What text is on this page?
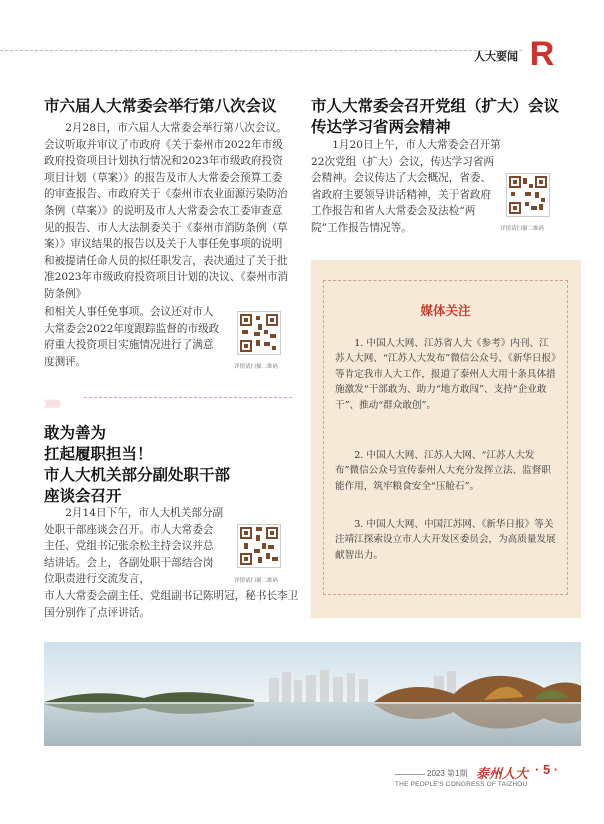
人大要闻 R
市六届人大常委会举行第八次会议

2月28日，市六届人大常委会举行第八次会议。会议听取并审议了市政府《关于泰州市2022年市级政府投资项目计划执行情况和2023年市级政府投资项目计划（草案）》的报告及市人大常委会预算工委的审查报告、市政府关于《泰州市农业面源污染防治条例（草案）》的说明及市人大常委会农工委审查意见的报告、市人大法制委关于《泰州市消防条例（草案）》审议结果的报告以及关于人事任免事项的说明和被提请任命人员的拟任职发言，表决通过了关于批准2023年市级政府投资项目计划的决议、《泰州市消防条例》

和相关人事任免事项。会议还对市人大常委会2022年度跟踪监督的市级政府重大投资项目实施情况进行了满意度测评。	详情请扫描二维码
》》》》》》

敢为善为

扛起履职担当！

市人大机关部分副处职干部

座谈会召开

2月14日下午，市人大机关部分副处职干部座谈会召开。市人大常委会主任、党组书记张余松主持会议并总结讲话。会上，各副处职干部结合岗位职责进行交流发言，

市人大常委会副主任、党组副书记陈明冠，秘书长李卫国分别作了点评讲话。

详情请扫描二维码

市人大常委会召开党组（扩大）会议

传达学习省两会精神

1月20日上午，市人大常委会召开第22次党组（扩大）会议，传达学习省两会精神。会议传达了大会概况，省委、省政府主要领导讲话精神，关于省政府工作报告和省人大常委会及法检“两院”工作报告情况等。	详情请扫描二维码
媒体关注

1. 中国人大网、江苏省人大《参考》内刊、江苏人大网、“江苏人大发布”微信公众号、《新华日报》等肯定我市人大工作，报道了泰州人大用十条具体措施激发“干部敢为、助力“地方敢闯”、支持“企业敢干”、推动“群众敢创”。

2. 中国人大网、江苏人大网、“江苏人大发布”微信公众号宣传泰州人大充分发挥立法、监督职能作用，筑牢粮食安全“压舱石”。

3. 中国人大网、中国江苏网、《新华日报》等关注靖江探索设立市人大开发区委员会，为高质量发展献智出力。

2023 第1期 泰州人大 · 5 ·
THE PEOPLE'S CONGRESS OF TAIZHOU
